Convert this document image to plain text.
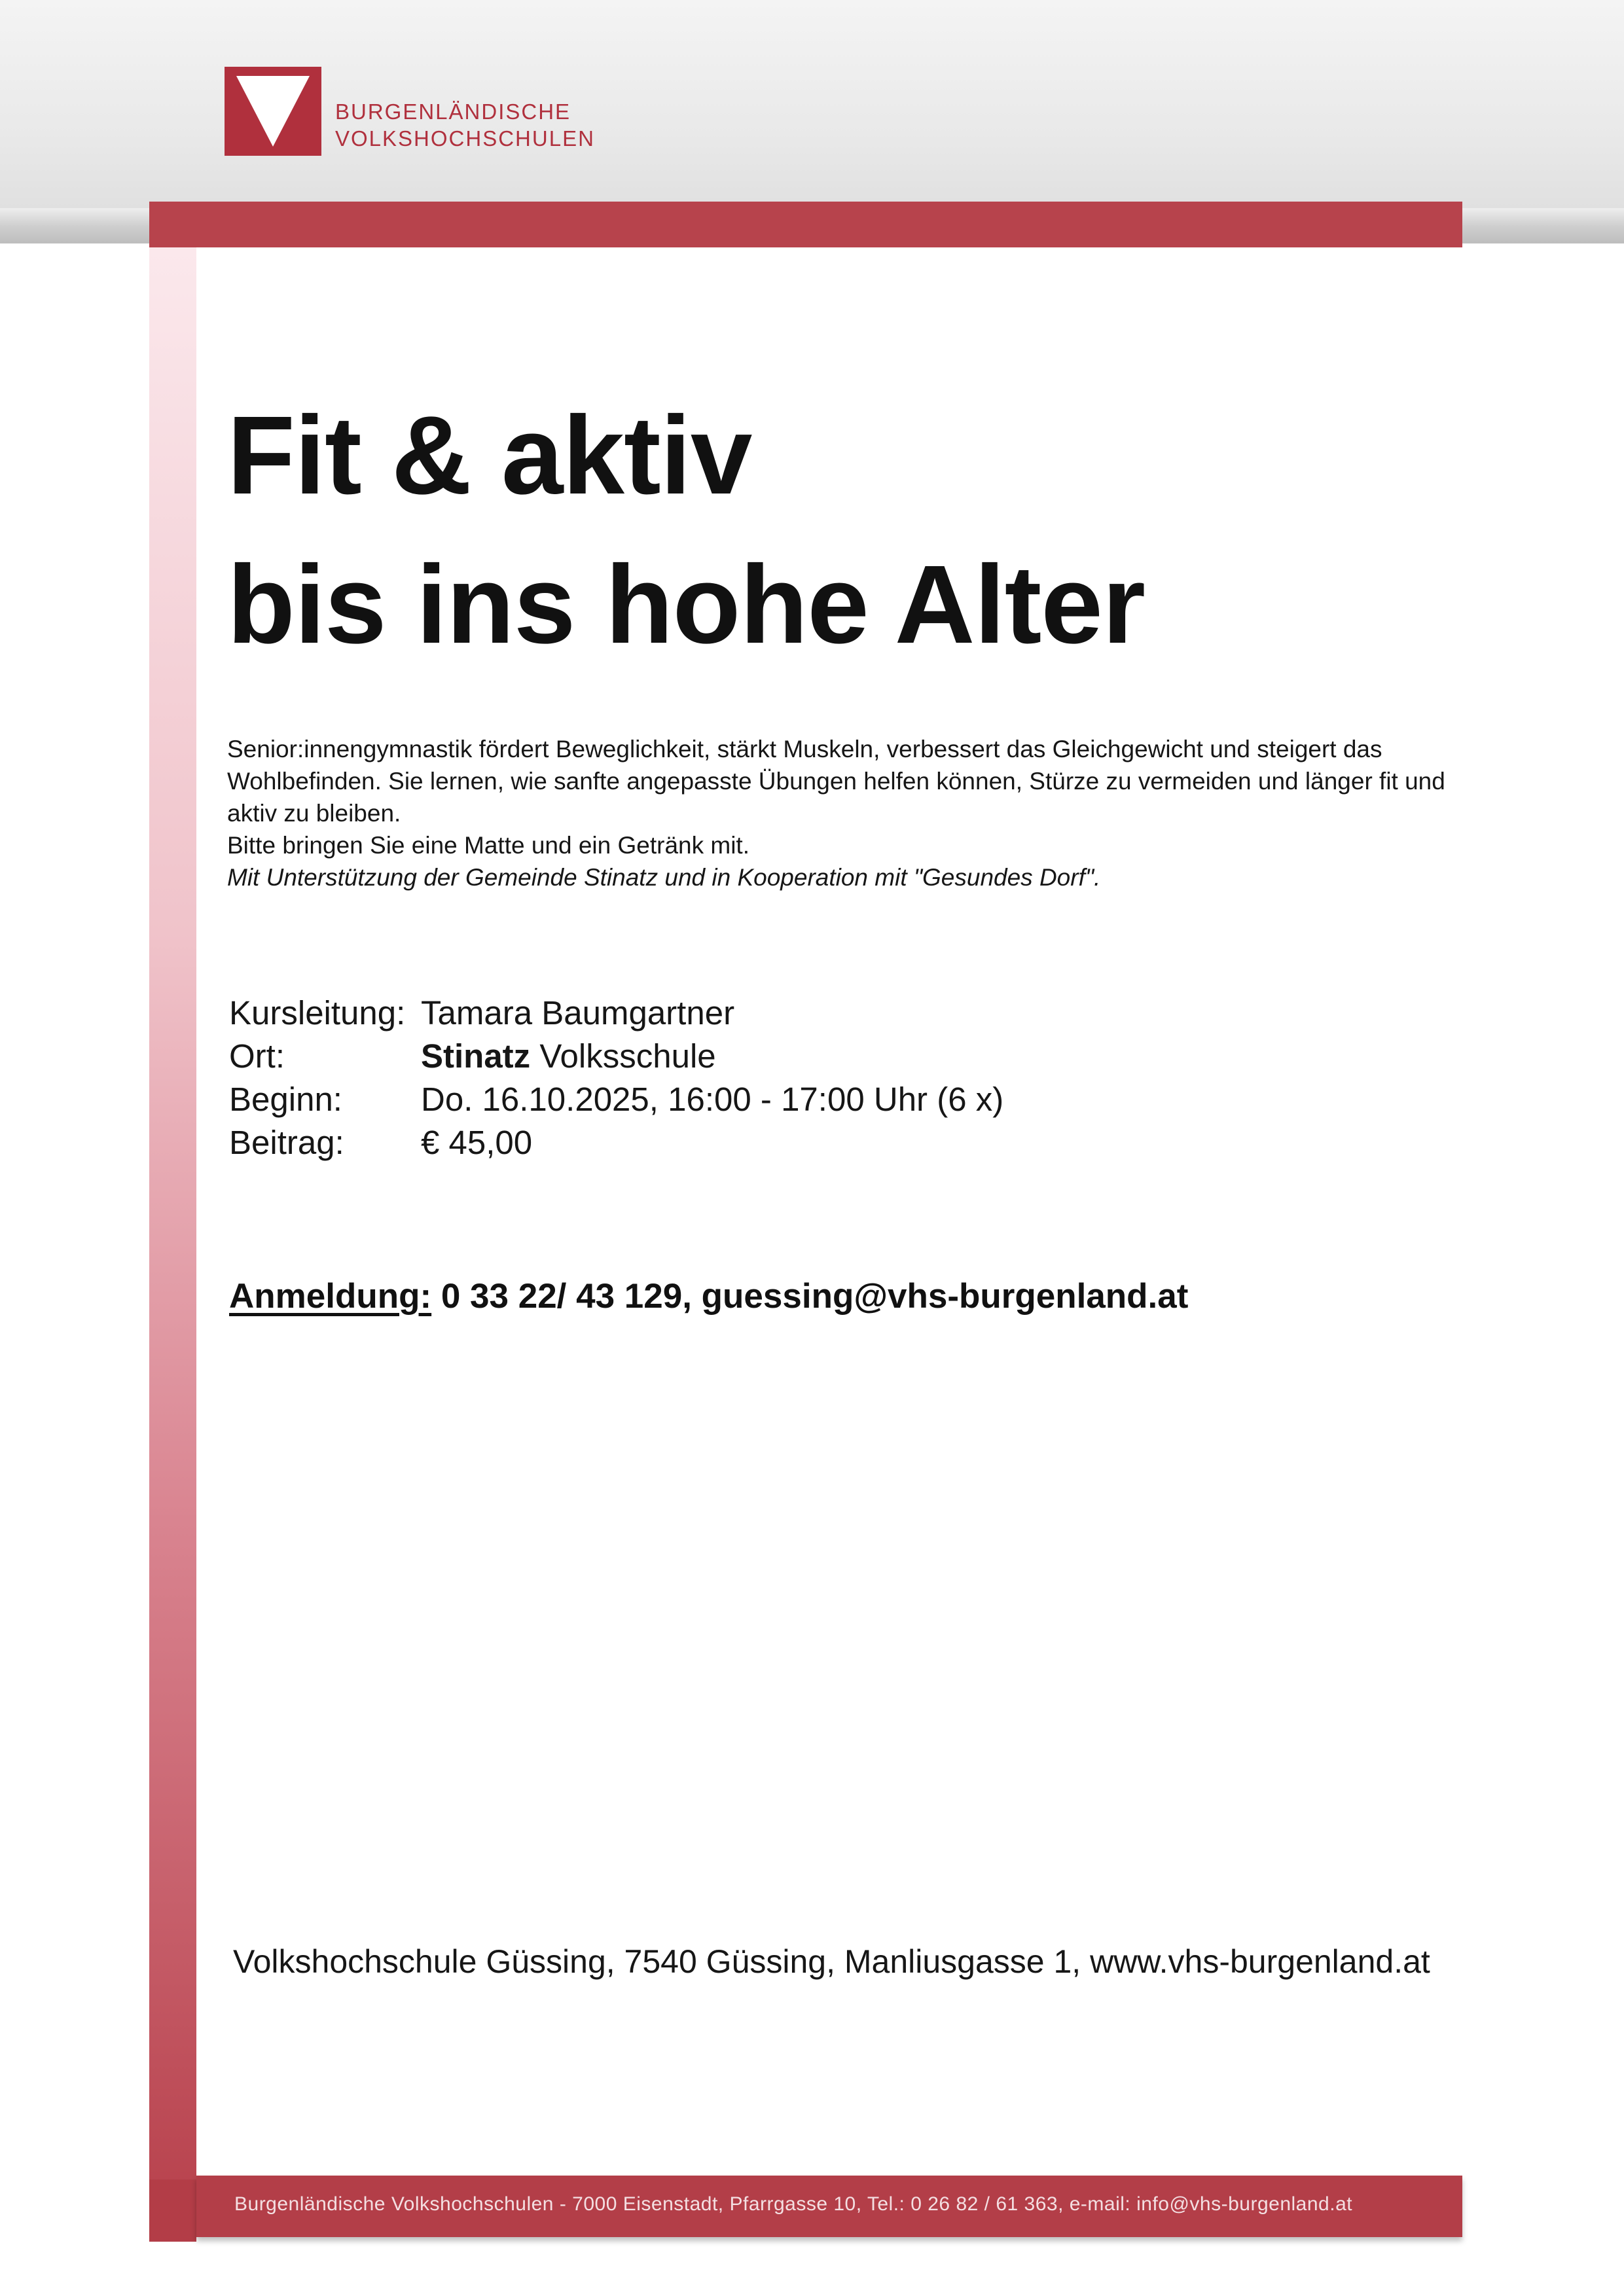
BURGENLÄNDISCHE
VOLKSHOCHSCHULEN
Fit & aktiv
bis ins hohe Alter

Senior:innengymnastik fördert Beweglichkeit, stärkt Muskeln, verbessert das Gleichgewicht und steigert das Wohlbefinden. Sie lernen, wie sanfte angepasste Übungen helfen können, Stürze zu vermeiden und länger fit und aktiv zu bleiben.

Bitte bringen Sie eine Matte und ein Getränk mit.

Mit Unterstützung der Gemeinde Stinatz und in Kooperation mit "Gesundes Dorf".

Kursleitung: Tamara Baumgartner
Ort:	Stinatz Volksschule
Beginn:	Do. 16.10.2025, 16:00 - 17:00 Uhr (6 x)
Beitrag:	€ 45,00
Anmeldung: 0 33 22/ 43 129, guessing@vhs-burgenland.at
Volkshochschule Güssing, 7540 Güssing, Manliusgasse 1, www.vhs-burgenland.at
Burgenländische Volkshochschulen - 7000 Eisenstadt, Pfarrgasse 10, Tel.: 0 26 82 / 61 363, e-mail: info@vhs-burgenland.at
